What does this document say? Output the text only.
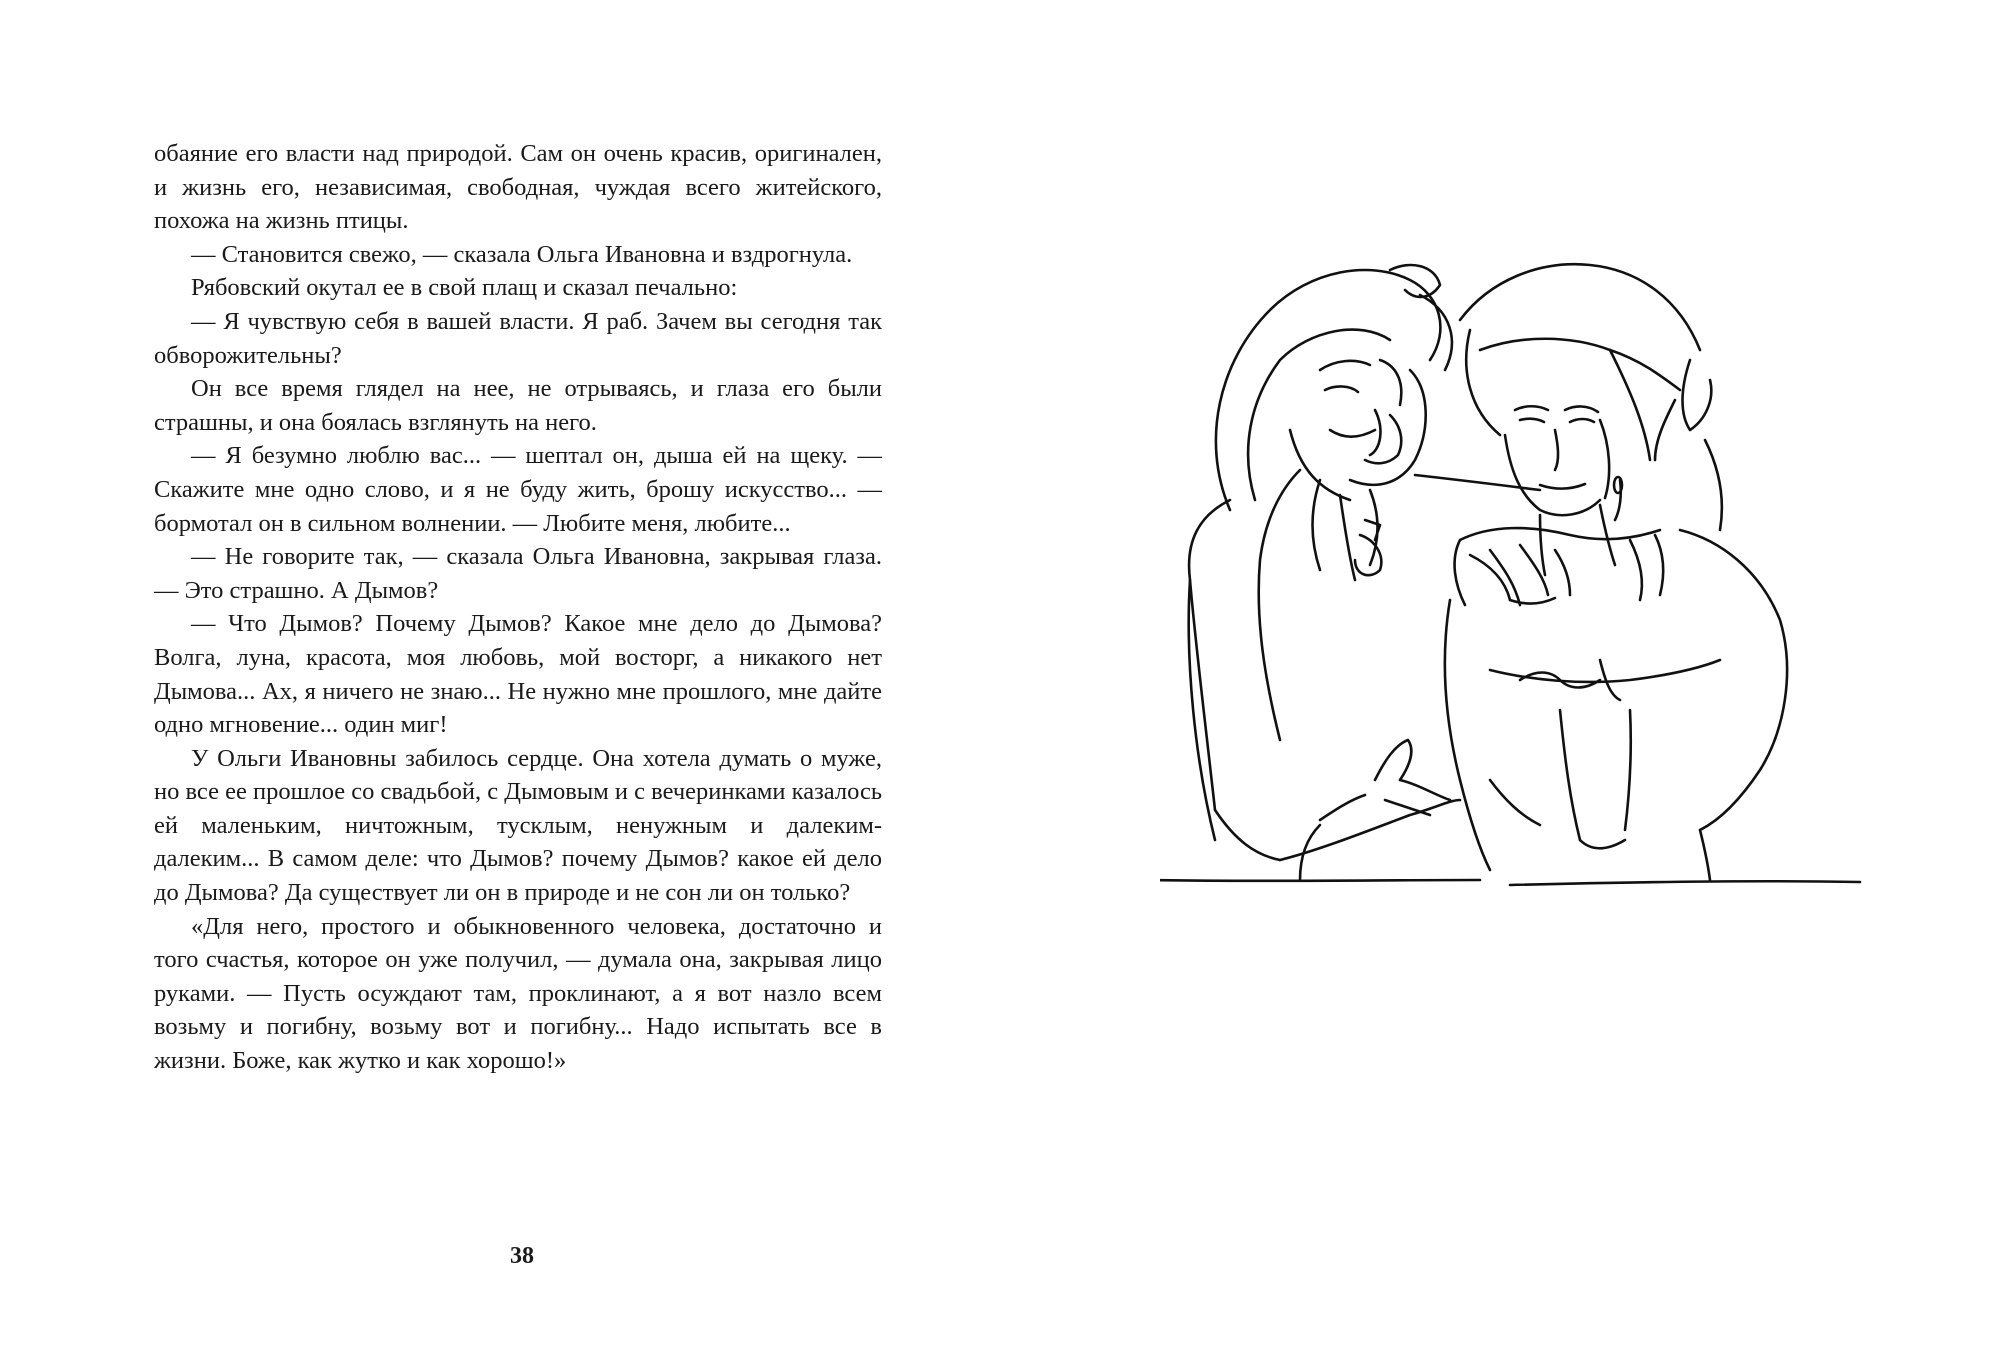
обаяние его власти над природой. Сам он очень красив, оригинален, и жизнь его, независимая, свободная, чуждая всего житейского, похожа на жизнь птицы.

— Становится свежо, — сказала Ольга Ивановна и вздрогнула.

Рябовский окутал ее в свой плащ и сказал печально:

— Я чувствую себя в вашей власти. Я раб. Зачем вы сегодня так обворожительны?

Он все время глядел на нее, не отрываясь, и глаза его были страшны, и она боялась взглянуть на него.

— Я безумно люблю вас... — шептал он, дыша ей на щеку. — Скажите мне одно слово, и я не буду жить, брошу искусство... — бормотал он в сильном волнении. — Любите меня, любите...

— Не говорите так, — сказала Ольга Ивановна, закрывая глаза. — Это страшно. А Дымов?

— Что Дымов? Почему Дымов? Какое мне дело до Дымова? Волга, луна, красота, моя любовь, мой восторг, а никакого нет Дымова... Ах, я ничего не знаю... Не нужно мне прошлого, мне дайте одно мгновение... один миг!

У Ольги Ивановны забилось сердце. Она хотела думать о муже, но все ее прошлое со свадьбой, с Дымовым и с вечеринками казалось ей маленьким, ничтожным, тусклым, ненужным и далеким-далеким... В самом деле: что Дымов? почему Дымов? какое ей дело до Дымова? Да существует ли он в природе и не сон ли он только?

«Для него, простого и обыкновенного человека, достаточно и того счастья, которое он уже получил, — думала она, закрывая лицо руками. — Пусть осуждают там, проклинают, а я вот назло всем возьму и погибну, возьму вот и погибну... Надо испытать все в жизни. Боже, как жутко и как хорошо!»

38
